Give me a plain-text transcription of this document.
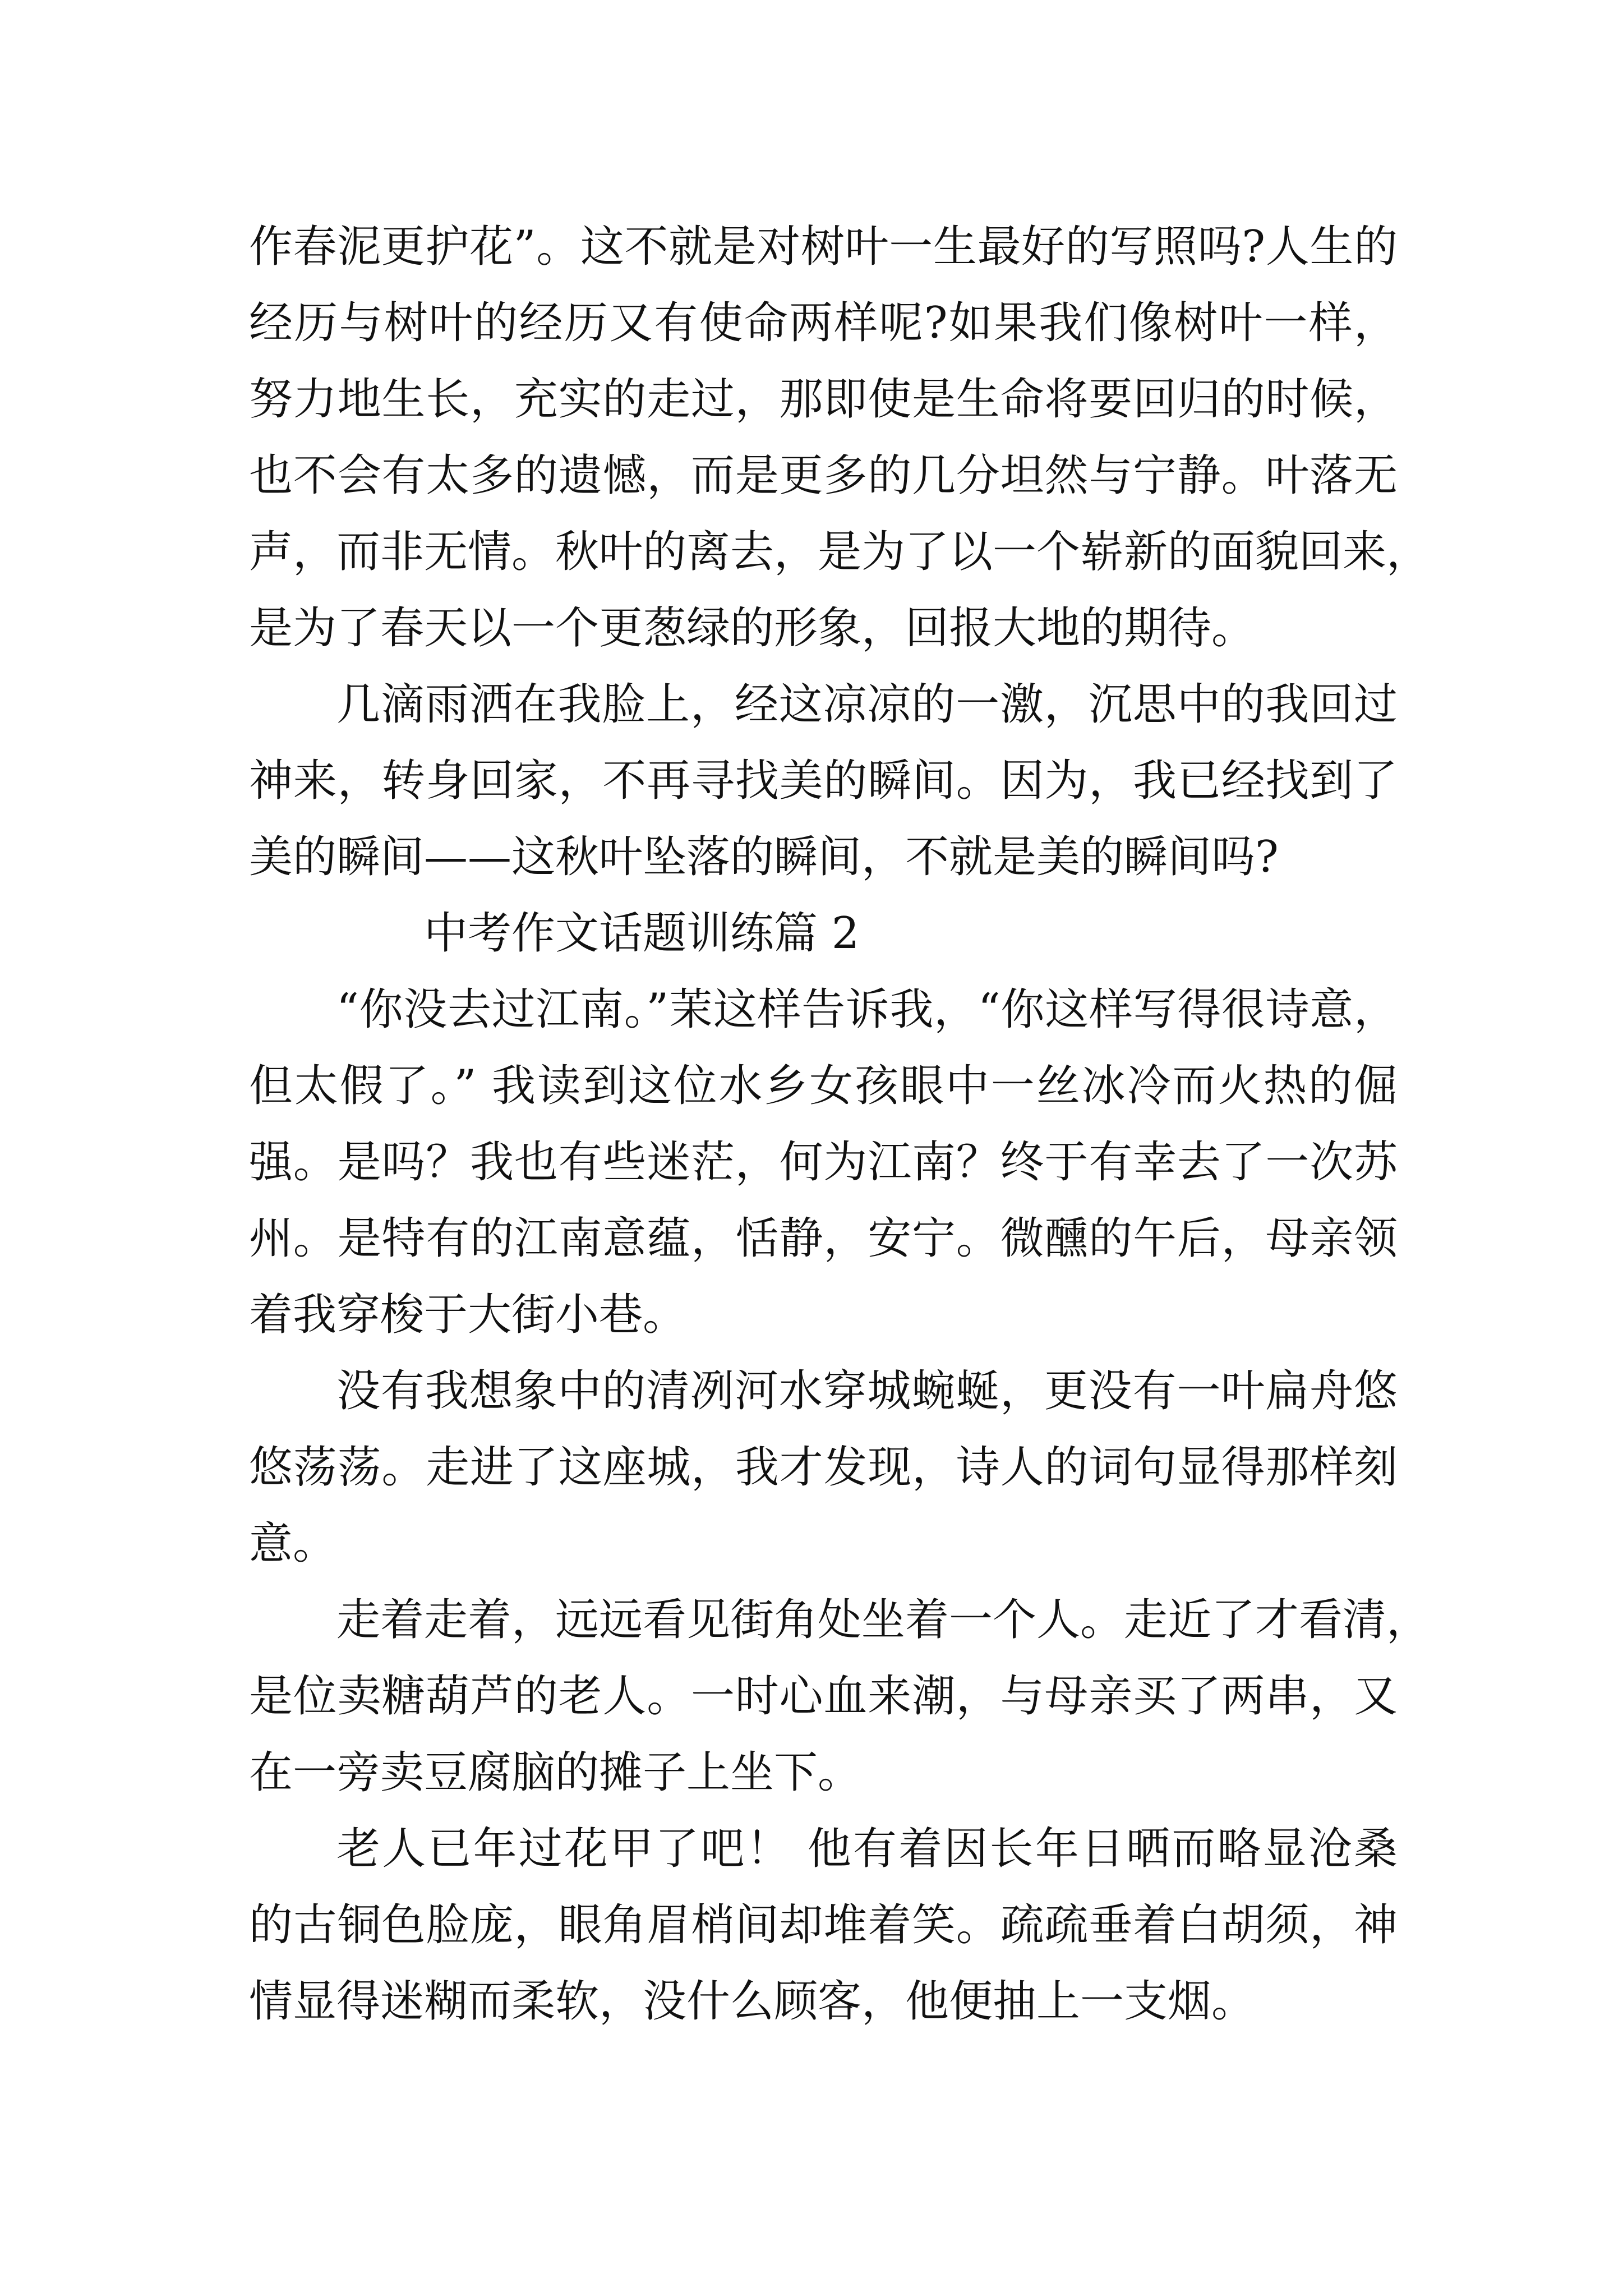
作春泥更护花”。这不就是对树叶一生最好的写照吗?人生的
经历与树叶的经历又有使命两样呢?如果我们像树叶一样，
努力地生长，充实的走过，那即使是生命将要回归的时候，
也不会有太多的遗憾，而是更多的几分坦然与宁静。叶落无
声，而非无情。秋叶的离去，是为了以一个崭新的面貌回来，
是为了春天以一个更葱绿的形象，回报大地的期待。
几滴雨洒在我脸上，经这凉凉的一激，沉思中的我回过
神来，转身回家，不再寻找美的瞬间。因为，我已经找到了
美的瞬间——这秋叶坠落的瞬间，不就是美的瞬间吗?
中考作文话题训练篇 2
“你没去过江南。”茉这样告诉我，“你这样写得很诗意，
但太假了。” 我读到这位水乡女孩眼中一丝冰冷而火热的倔
强。是吗？我也有些迷茫，何为江南？终于有幸去了一次苏
州。是特有的江南意蕴，恬静，安宁。微醺的午后，母亲领
着我穿梭于大街小巷。
没有我想象中的清冽河水穿城蜿蜒，更没有一叶扁舟悠
悠荡荡。走进了这座城，我才发现，诗人的词句显得那样刻
意。
走着走着，远远看见街角处坐着一个人。走近了才看清，
是位卖糖葫芦的老人。一时心血来潮，与母亲买了两串，又
在一旁卖豆腐脑的摊子上坐下。
老人已年过花甲了吧！ 他有着因长年日晒而略显沧桑
的古铜色脸庞，眼角眉梢间却堆着笑。疏疏垂着白胡须，神
情显得迷糊而柔软，没什么顾客，他便抽上一支烟。
